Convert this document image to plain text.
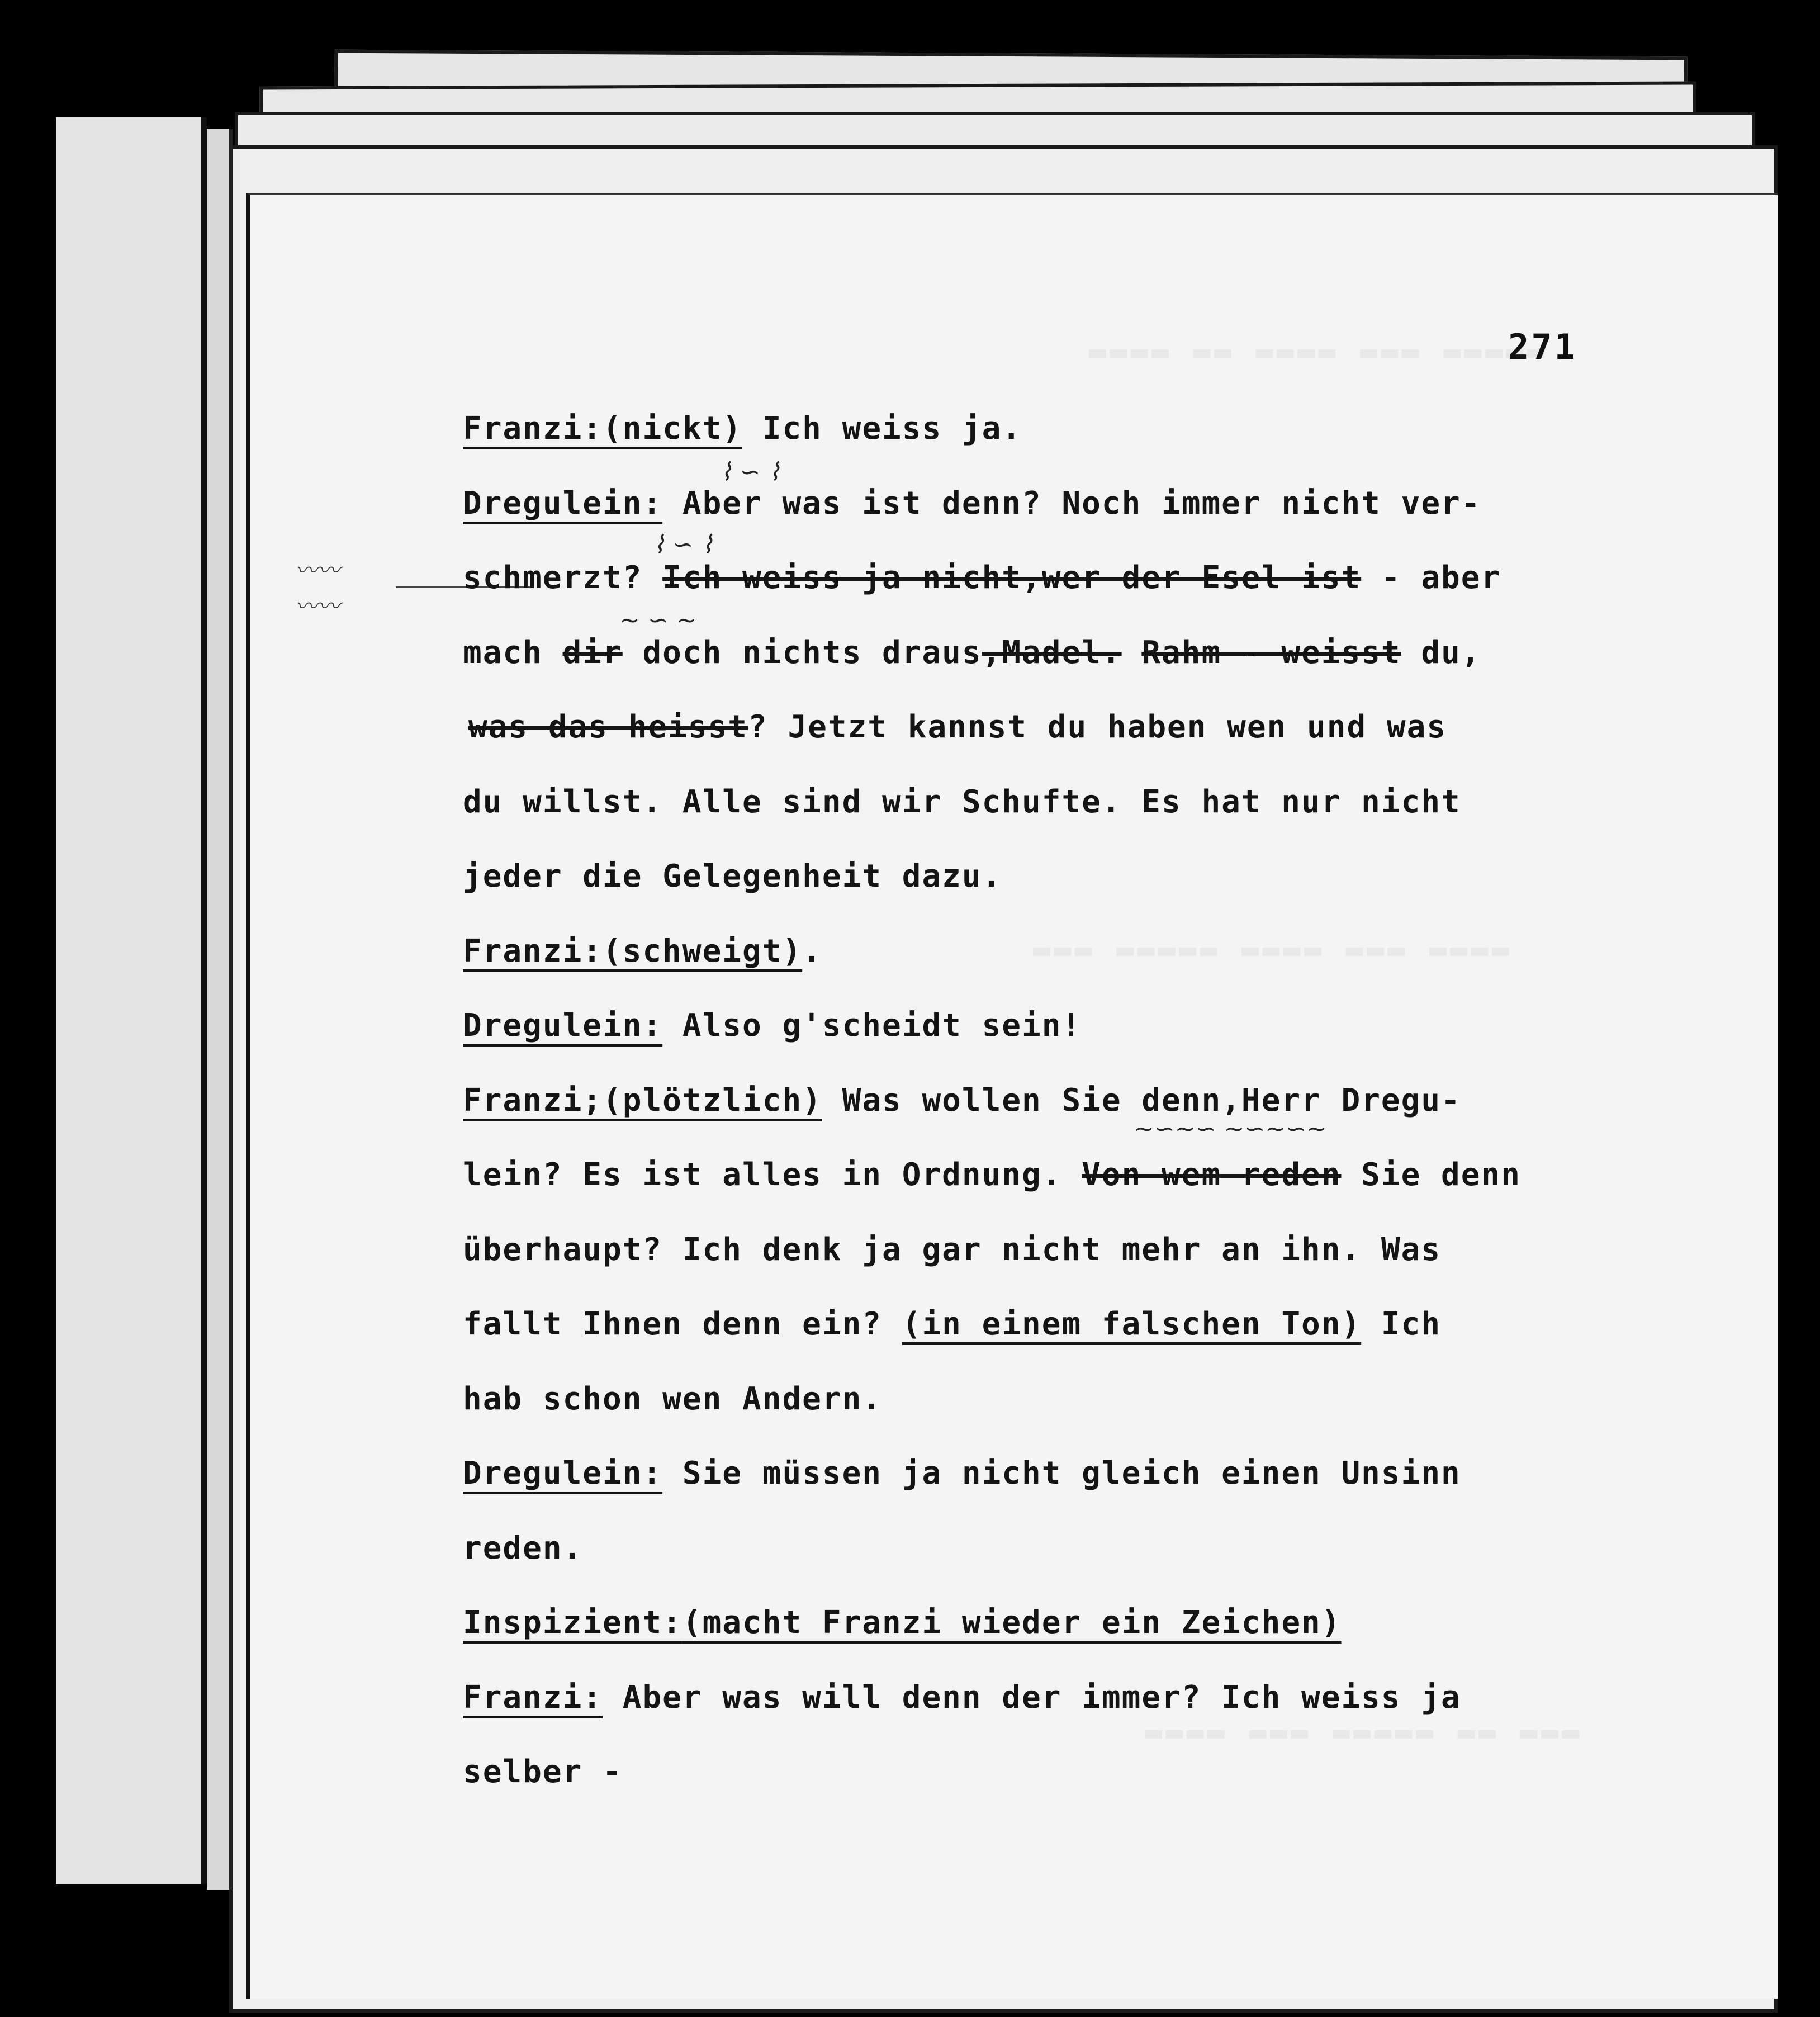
〰〰
〰〰
271
Franzi:(nickt) Ich weiss ja.
Dregulein: Aber was ist denn? Noch immer nicht ver-
schmerzt? Ich weiss ja nicht,wer der Esel ist - aber
mach dir doch nichts draus,Madel. Rahm - weisst du,
was das heisst? Jetzt kannst du haben wen und was
du willst. Alle sind wir Schufte. Es hat nur nicht
jeder die Gelegenheit dazu.
Franzi:(schweigt).
Dregulein: Also g'scheidt sein!
Franzi;(plötzlich) Was wollen Sie denn,Herr Dregu-
lein? Es ist alles in Ordnung. Von wem reden Sie denn
überhaupt? Ich denk ja gar nicht mehr an ihn. Was
fallt Ihnen denn ein? (in einem falschen Ton) Ich
hab schon wen Andern.
Dregulein: Sie müssen ja nicht gleich einen Unsinn
reden.
Inspizient:(macht Franzi wieder ein Zeichen)
Franzi: Aber was will denn der immer? Ich weiss ja
selber -
⌇ ∽ ⌇
⌇ ∽ ⌇
∼ ∽ ∼
∼∽∼∽ ∼∽∼∽∼
